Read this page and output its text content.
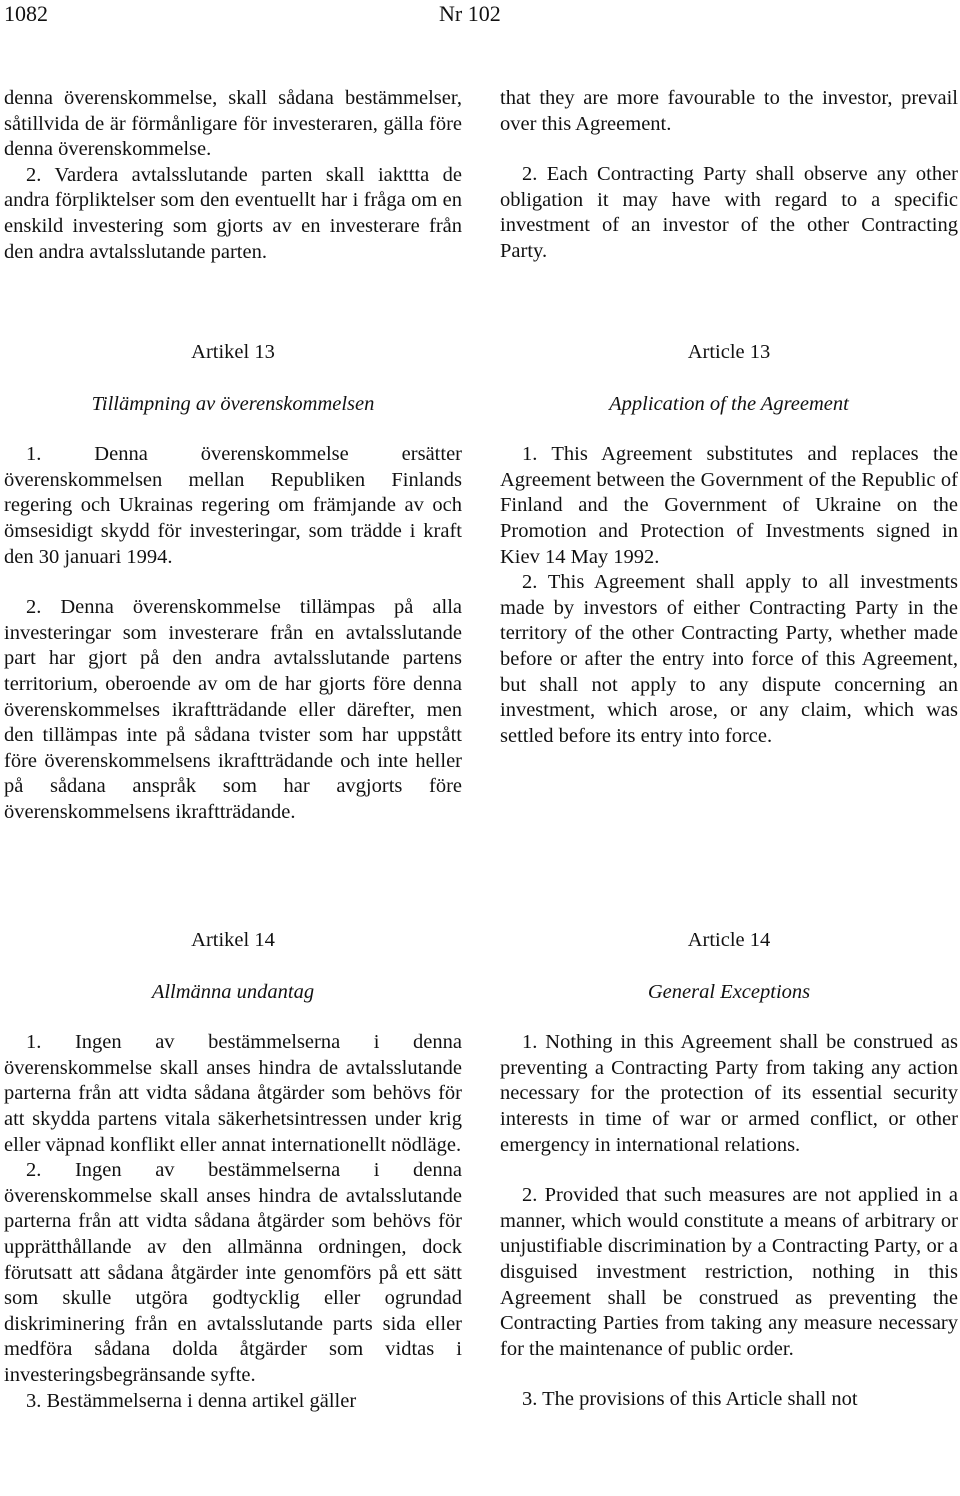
1082	Nr 102

denna överenskommelse, skall sådana bestämmelser, såtillvida de är förmånligare för investeraren, gälla före denna överenskommelse.

2. Vardera avtalsslutande parten skall iakttta de andra förpliktelser som den eventuellt har i fråga om en enskild investering som gjorts av en investerare från den andra avtalsslutande parten.

that they are more favourable to the investor, prevail over this Agreement.

2. Each Contracting Party shall observe any other obligation it may have with regard to a specific investment of an investor of the other Contracting Party.

Artikel 13

Tillämpning av överenskommelsen

1. Denna överenskommelse ersätter överenskommelsen mellan Republiken Finlands regering och Ukrainas regering om främjande av och ömsesidigt skydd för investeringar, som trädde i kraft den 30 januari 1994.

2. Denna överenskommelse tillämpas på alla investeringar som investerare från en avtalsslutande part har gjort på den andra avtalsslutande partens territorium, oberoende av om de har gjorts före denna överenskommelses ikraftträdande eller därefter, men den tillämpas inte på sådana tvister som har uppstått före överenskommelsens ikraftträdande och inte heller på sådana anspråk som har avgjorts före överenskommelsens ikraftträdande.

Article 13

Application of the Agreement

1. This Agreement substitutes and replaces the Agreement between the Government of the Republic of Finland and the Government of Ukraine on the Promotion and Protection of Investments signed in Kiev 14 May 1992.

2. This Agreement shall apply to all investments made by investors of either Contracting Party in the territory of the other Contracting Party, whether made before or after the entry into force of this Agreement, but shall not apply to any dispute concerning an investment, which arose, or any claim, which was settled before its entry into force.

Artikel 14

Allmänna undantag

1. Ingen av bestämmelserna i denna överenskommelse skall anses hindra de avtalsslutande parterna från att vidta sådana åtgärder som behövs för att skydda partens vitala säkerhetsintressen under krig eller väpnad konflikt eller annat internationellt nödläge.

2. Ingen av bestämmelserna i denna överenskommelse skall anses hindra de avtalsslutande parterna från att vidta sådana åtgärder som behövs för upprätthållande av den allmänna ordningen, dock förutsatt att sådana åtgärder inte genomförs på ett sätt som skulle utgöra godtycklig eller ogrundad diskriminering från en avtalsslutande parts sida eller medföra sådana dolda åtgärder som vidtas i investeringsbegränsande syfte.

3. Bestämmelserna i denna artikel gäller

Article 14

General Exceptions

1. Nothing in this Agreement shall be construed as preventing a Contracting Party from taking any action necessary for the protection of its essential security interests in time of war or armed conflict, or other emergency in international relations.

2. Provided that such measures are not applied in a manner, which would constitute a means of arbitrary or unjustifiable discrimination by a Contracting Party, or a disguised investment restriction, nothing in this Agreement shall be construed as preventing the Contracting Parties from taking any measure necessary for the maintenance of public order.

3. The provisions of this Article shall not
